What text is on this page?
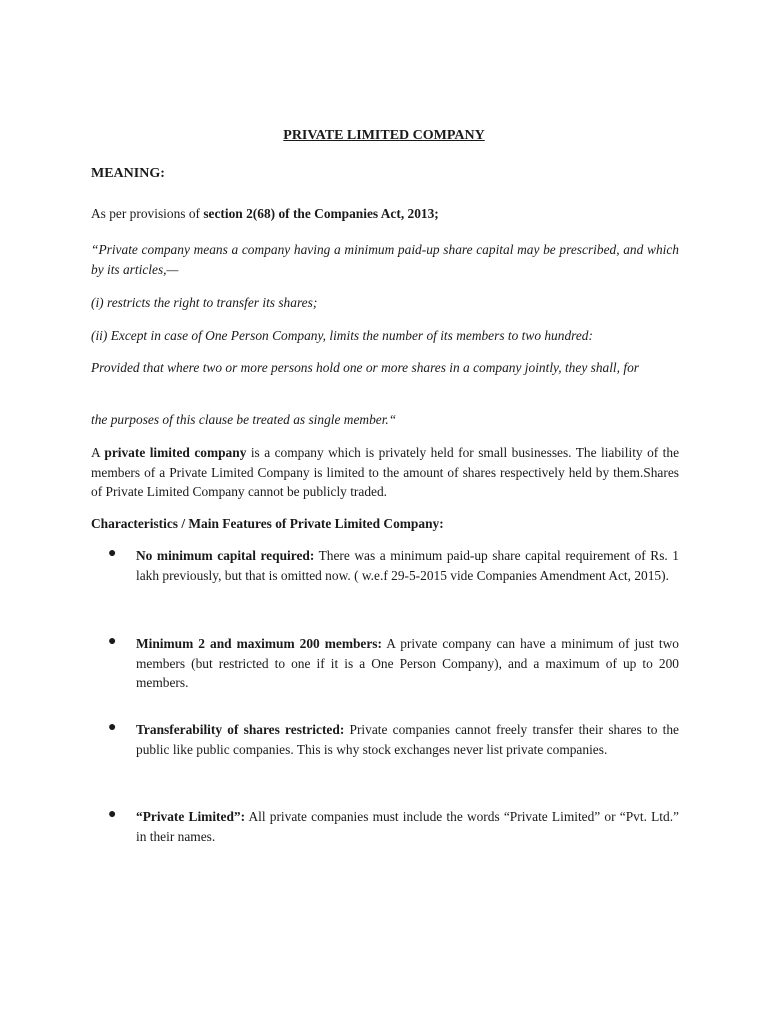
PRIVATE LIMITED COMPANY
MEANING:
As per provisions of section 2(68) of the Companies Act, 2013;
“Private company means a company having a minimum paid-up share capital may be prescribed, and which by its articles,—
(i) restricts the right to transfer its shares;
(ii) Except in case of One Person Company, limits the number of its members to two hundred:
Provided that where two or more persons hold one or more shares in a company jointly, they shall, for
the purposes of this clause be treated as single member.“
A private limited company is a company which is privately held for small businesses. The liability of the members of a Private Limited Company is limited to the amount of shares respectively held by them.Shares of Private Limited Company cannot be publicly traded.
Characteristics / Main Features of Private Limited Company:
● No minimum capital required: There was a minimum paid-up share capital requirement of Rs. 1 lakh previously, but that is omitted now. ( w.e.f 29-5-2015 vide Companies Amendment Act, 2015).
● Minimum 2 and maximum 200 members: A private company can have a minimum of just two members (but restricted to one if it is a One Person Company), and a maximum of up to 200 members.
● Transferability of shares restricted: Private companies cannot freely transfer their shares to the public like public companies. This is why stock exchanges never list private companies.
● “Private Limited”: All private companies must include the words “Private Limited” or “Pvt. Ltd.” in their names.
